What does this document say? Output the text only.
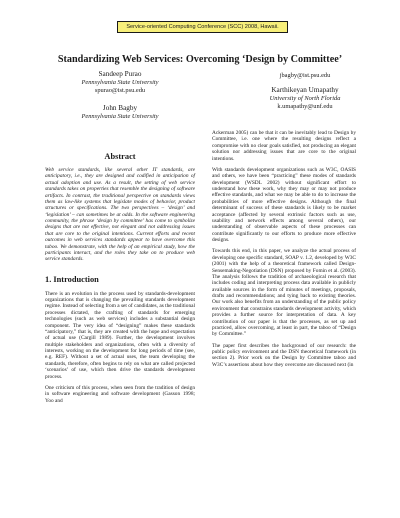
Service-oriented Computing Conference (SCC) 2008, Hawaii.
Standardizing Web Services: Overcoming ‘Design by Committee’
Sandeep Purao
Pennsylvania State University
spurao@ist.psu.edu
John Bagby
Pennsylvania State University
jbagby@ist.psu.edu
Karthikeyan Umapathy
University of North Florida
k.umapathy@unf.edu
Abstract

Web service standards, like several other IT standards, are anticipatory, i.e., they are designed and codified in anticipation of actual adoption and use. As a result, the setting of web service standards takes on properties that resemble the designing of software artifacts. In contrast, the traditional perspective on standards views them as law-like systems that legislate modes of behavior, product structures or specifications. The two perspectives – ‘design’ and ‘legislation’ – can sometimes be at odds. In the software engineering community, the phrase ‘design by committee’ has come to symbolize designs that are not effective, not elegant and not addressing issues that are core to the original intentions. Current efforts and recent outcomes in web services standards appear to have overcome this taboo. We demonstrate, with the help of an empirical study, how the participants interact, and the roles they take on to produce web service standards.

1. Introduction

There is an evolution in the process used by standards-development organizations that is changing the prevailing standards development regime. Instead of selecting from a set of candidates, as the traditional processes dictated, the crafting of standards for emerging technologies (such as web services) includes a substantial design component. The very idea of “designing” makes these standards “anticipatory,” that is, they are created with the hope and expectation of actual use (Cargill 1989). Further, the development involves multiple stakeholders and organizations, often with a diversity of interests, working on the development for long periods of time (see, e.g. REF). Without a set of actual uses, the team developing the standards, therefore, often begins to rely on what are called projected ‘scenarios’ of use, which then drive the standards development process.

One criticism of this process, when seen from the tradition of design in software engineering and software development (Gasson 1998; Yoo and

Ackerman 2005) can be that it can be inevitably lead to Design by Committee, i.e. one where the resulting designs reflect a compromise with no clear goals satisfied, not producing an elegant solution nor addressing issues that are core to the original intentions.

With standards development organizations such as W3C, OASIS and others, we have been “practicing” these modes of standards development (WSDL 2002) without significant effort to understand how these work, why they may or may not produce effective standards, and what we may be able to do to increase the probabilities of more effective designs. Although the final determinant of success of these standards is likely to be market acceptance (affected by several extrinsic factors such as use, usability and network effects among several others), our understanding of observable aspects of these processes can contribute significantly to our efforts to produce more effective designs.

Towards this end, in this paper, we analyze the actual process of developing one specific standard, SOAP v. 1.2, developed by W3C (2001) with the help of a theoretical framework called Design-Sensemaking-Negotiation (DSN) proposed by Fomin et al. (2003). The analysis follows the tradition of archaeological research that includes coding and interpreting process data available in publicly available sources in the form of minutes of meetings, proposals, drafts and recommendations; and tying back to existing theories. Our work also benefits from an understanding of the public policy environment that constrains standards development activity, which provides a further source for interpretation of data. A key contribution of our paper is that the processes, as set up and practiced, allow overcoming, at least in part, the taboo of “Design by Committee.”

The paper first describes the background of our research: the public policy environment and the DSN theoretical framework (in section 2). Prior work on the Design by Committee taboo and W3C’s assertions about how they overcome are discussed next (in
